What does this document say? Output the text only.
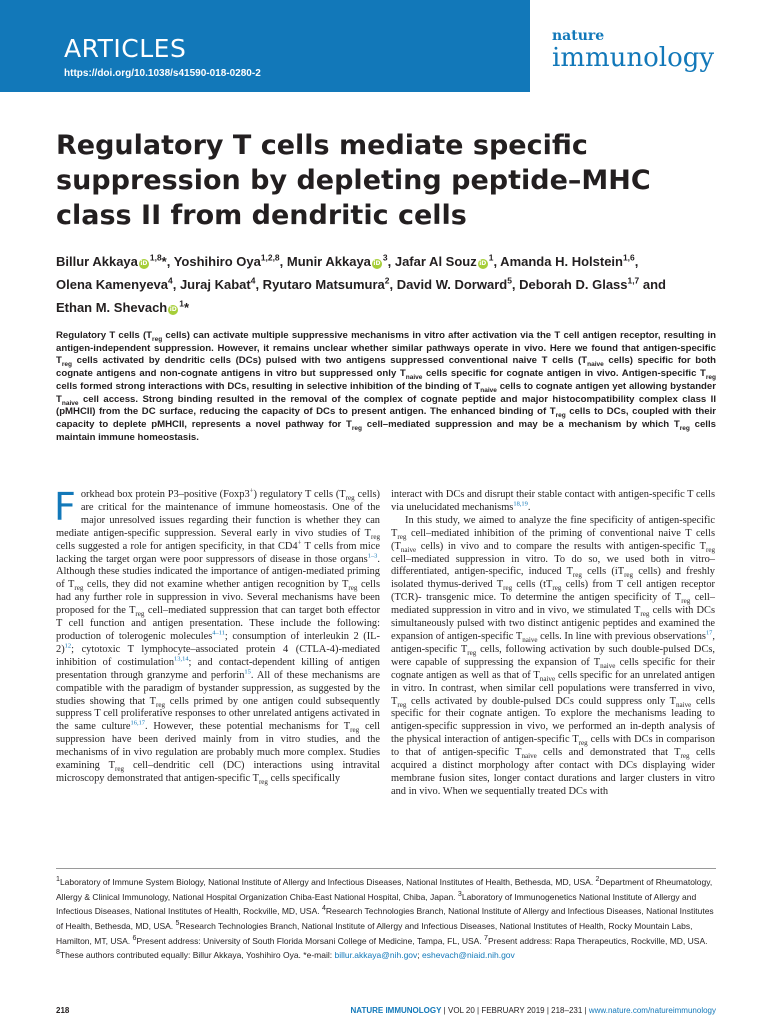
ARTICLES
https://doi.org/10.1038/s41590-018-0280-2
nature
immunology
Regulatory T cells mediate specific suppression by depleting peptide–MHC class II from dendritic cells
Billur Akkaya iD$^{1,8}$*, Yoshihiro Oya$^{1,2,8}$, Munir Akkaya $iD^3$, Jafar Al Souz $iD^1$, Amanda H. Holstein$^{1,6}$,
Olena Kamenyeva$^4$, Juraj Kabat$^4$, Ryutaro Matsumura$^2$, David W. Dorward$^5$, Deborah D. Glass$^{1,7}$ and
Ethan M. Shevach $iD^1*$

Regulatory T cells ($T_{reg}$ cells) can activate multiple suppressive mechanisms in vitro after activation via the T cell antigen receptor, resulting in antigen-independent suppression. However, it remains unclear whether similar pathways operate in vivo. Here we found that antigen-specific $T_{reg}$ cells activated by dendritic cells (DCs) pulsed with two antigens suppressed conventional naive T cells ($T_{naive}$ cells) specific for both cognate antigens and non-cognate antigens in vitro but suppressed only $T_{naive}$ cells specific for cognate antigen in vivo. Antigen-specific $T_{reg}$ cells formed strong interactions with DCs, resulting in selective inhibition of the binding of $T_{naive}$ cells to cognate antigen yet allowing bystander $T_{naive}$ cell access. Strong binding resulted in the removal of the complex of cognate peptide and major histocompatibility complex class II (pMHCII) from the DC surface, reducing the capacity of DCs to present antigen. The enhanced binding of $T_{reg}$ cells to DCs, coupled with their capacity to deplete pMHCII, represents a novel pathway for $T_{reg}$ cell–mediated suppression and may be a mechanism by which $T_{reg}$ cells maintain immune homeostasis.

Forkhead box protein P3–positive (Foxp3+) regulatory T cells ($T_{reg}$ cells) are critical for the maintenance of immune homeostasis. One of the major unresolved issues regarding their function is whether they can mediate antigen-specific suppression. Several early in vivo studies of $T_{reg}$ cells suggested a role for antigen specificity, in that CD4+ T cells from mice lacking the target organ were poor suppressors of disease in those organs$^{1-3}$. Although these studies indicated the importance of antigen-mediated priming of $T_{reg}$ cells, they did not examine whether antigen recognition by $T_{reg}$ cells had any further role in suppression in vivo. Several mechanisms have been proposed for the $T_{reg}$ cell–mediated suppression that can target both effector T cell function and antigen presentation. These include the following: production of tolerogenic molecules$^{4-11}$; consumption of interleukin 2 (IL-2)$^{12}$; cytotoxic T lymphocyte–associated protein 4 (CTLA-4)-mediated inhibition of costimulation$^{13,14}$; and contact-dependent killing of antigen presentation through granzyme and perforin$^{15}$. All of these mechanisms are compatible with the paradigm of bystander suppression, as suggested by the studies showing that $T_{reg}$ cells primed by one antigen could subsequently suppress T cell proliferative responses to other unrelated antigens activated in the same culture$^{16,17}$. However, these potential mechanisms for $T_{reg}$ cell suppression have been derived mainly from in vitro studies, and the mechanisms of in vivo regulation are probably much more complex. Studies examining $T_{reg}$ cell–dendritic cell (DC) interactions using intravital microscopy demonstrated that antigen-specific $T_{reg}$ cells specifically

interact with DCs and disrupt their stable contact with antigen-specific T cells via unelucidated mechanisms$^{18,19}$.

In this study, we aimed to analyze the fine specificity of antigen-specific $T_{reg}$ cell–mediated inhibition of the priming of conventional naive T cells ($T_{naive}$ cells) in vivo and to compare the results with antigen-specific $T_{reg}$ cell–mediated suppression in vitro. To do so, we used both in vitro–differentiated, antigen-specific, induced $T_{reg}$ cells ($iT_{reg}$ cells) and freshly isolated thymus-derived $T_{reg}$ cells ($tT_{reg}$ cells) from T cell antigen receptor (TCR)- transgenic mice. To determine the antigen specificity of $T_{reg}$ cell–mediated suppression in vitro and in vivo, we stimulated $T_{reg}$ cells with DCs simultaneously pulsed with two distinct antigenic peptides and examined the expansion of antigen-specific $T_{naive}$ cells. In line with previous observations$^{17}$, antigen-specific $T_{reg}$ cells, following activation by such double-pulsed DCs, were capable of suppressing the expansion of $T_{naive}$ cells specific for their cognate antigen as well as that of $T_{naive}$ cells specific for an unrelated antigen in vitro. In contrast, when similar cell populations were transferred in vivo, $T_{reg}$ cells activated by double-pulsed DCs could suppress only $T_{naive}$ cells specific for their cognate antigen. To explore the mechanisms leading to antigen-specific suppression in vivo, we performed an in-depth analysis of the physical interaction of antigen-specific $T_{reg}$ cells with DCs in comparison to that of antigen-specific $T_{naive}$ cells and demonstrated that $T_{reg}$ cells acquired a distinct morphology after contact with DCs displaying wider membrane fusion sites, longer contact durations and larger clusters in vitro and in vivo. When we sequentially treated DCs with

$^1$Laboratory of Immune System Biology, National Institute of Allergy and Infectious Diseases, National Institutes of Health, Bethesda, MD, USA. $^2$Department of Rheumatology, Allergy & Clinical Immunology, National Hospital Organization Chiba-East National Hospital, Chiba, Japan. $^3$Laboratory of Immunogenetics National Institute of Allergy and Infectious Diseases, National Institutes of Health, Rockville, MD, USA. $^4$Research Technologies Branch, National Institute of Allergy and Infectious Diseases, National Institutes of Health, Bethesda, MD, USA. $^5$Research Technologies Branch, National Institute of Allergy and Infectious Diseases, National Institutes of Health, Rocky Mountain Labs, Hamilton, MT, USA. $^6$Present address: University of South Florida Morsani College of Medicine, Tampa, FL, USA. $^7$Present address: Rapa Therapeutics, Rockville, MD, USA. $^8$These authors contributed equally: Billur Akkaya, Yoshihiro Oya. *e-mail: billur.akkaya@nih.gov; eshevach@niaid.nih.gov

218	NATURE IMMUNOLOGY | VOL 20 | FEBRUARY 2019 | 218–231 | www.nature.com/natureimmunology
